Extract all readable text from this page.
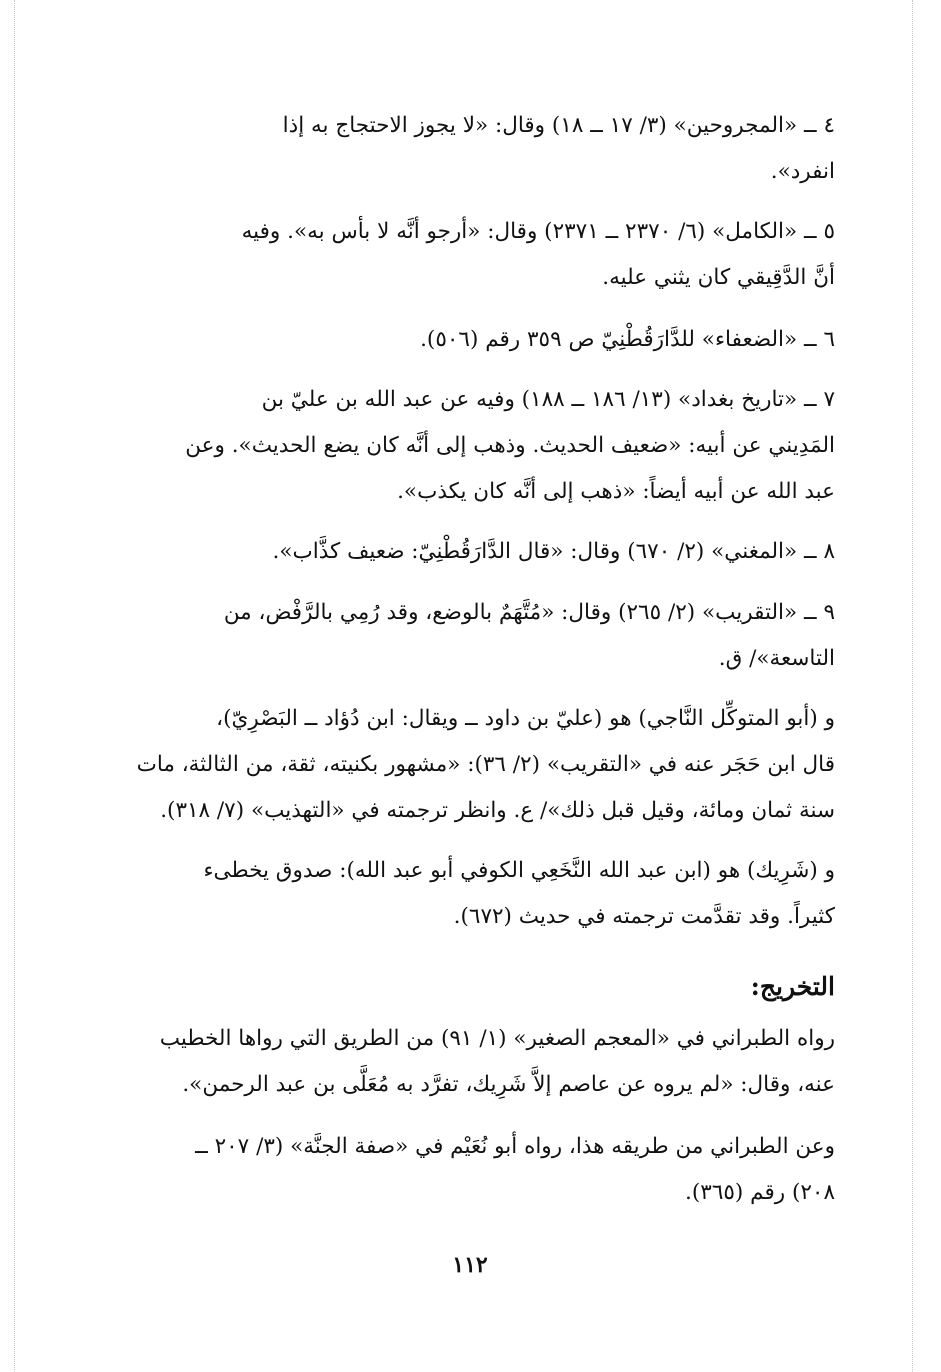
٤ ــ «المجروحين» (٣/ ١٧ ــ ١٨) وقال: «لا يجوز الاحتجاج به إذا
انفرد».

٥ ــ «الكامل» (٦/ ٢٣٧٠ ــ ٢٣٧١) وقال: «أرجو أنَّه لا بأس به». وفيه
أنَّ الدَّقِيقي كان يثني عليه.

٦ ــ «الضعفاء» للدَّارَقُطْنِيّ ص ٣٥٩ رقم (٥٠٦).

٧ ــ «تاريخ بغداد» (١٣/ ١٨٦ ــ ١٨٨) وفيه عن عبد الله بن عليّ بن
المَدِيني عن أبيه: «ضعيف الحديث. وذهب إلى أنَّه كان يضع الحديث». وعن
عبد الله عن أبيه أيضاً: «ذهب إلى أنَّه كان يكذب».

٨ ــ «المغني» (٢/ ٦٧٠) وقال: «قال الدَّارَقُطْنِيّ: ضعيف كذَّاب».

٩ ــ «التقريب» (٢/ ٢٦٥) وقال: «مُتَّهَمٌ بالوضع، وقد رُمِي بالرَّفْض، من
التاسعة»/ ق.

و (أبو المتوكِّل النَّاجي) هو (عليّ بن داود ــ ويقال: ابن دُؤاد ــ البَصْرِيّ)،
قال ابن حَجَر عنه في «التقريب» (٢/ ٣٦): «مشهور بكنيته، ثقة، من الثالثة، مات
سنة ثمان ومائة، وقيل قبل ذلك»/ ع. وانظر ترجمته في «التهذيب» (٧/ ٣١٨).

و (شَرِيك) هو (ابن عبد الله النَّخَعِي الكوفي أبو عبد الله): صدوق يخطىء
كثيراً. وقد تقدَّمت ترجمته في حديث (٦٧٢).

التخريج:

رواه الطبراني في «المعجم الصغير» (١/ ٩١) من الطريق التي رواها الخطيب
عنه، وقال: «لم يروه عن عاصم إلاَّ شَرِيك، تفرَّد به مُعَلَّى بن عبد الرحمن».

وعن الطبراني من طريقه هذا، رواه أبو نُعَيْم في «صفة الجنَّة» (٣/ ٢٠٧ ــ
٢٠٨) رقم (٣٦٥).

١١٢
